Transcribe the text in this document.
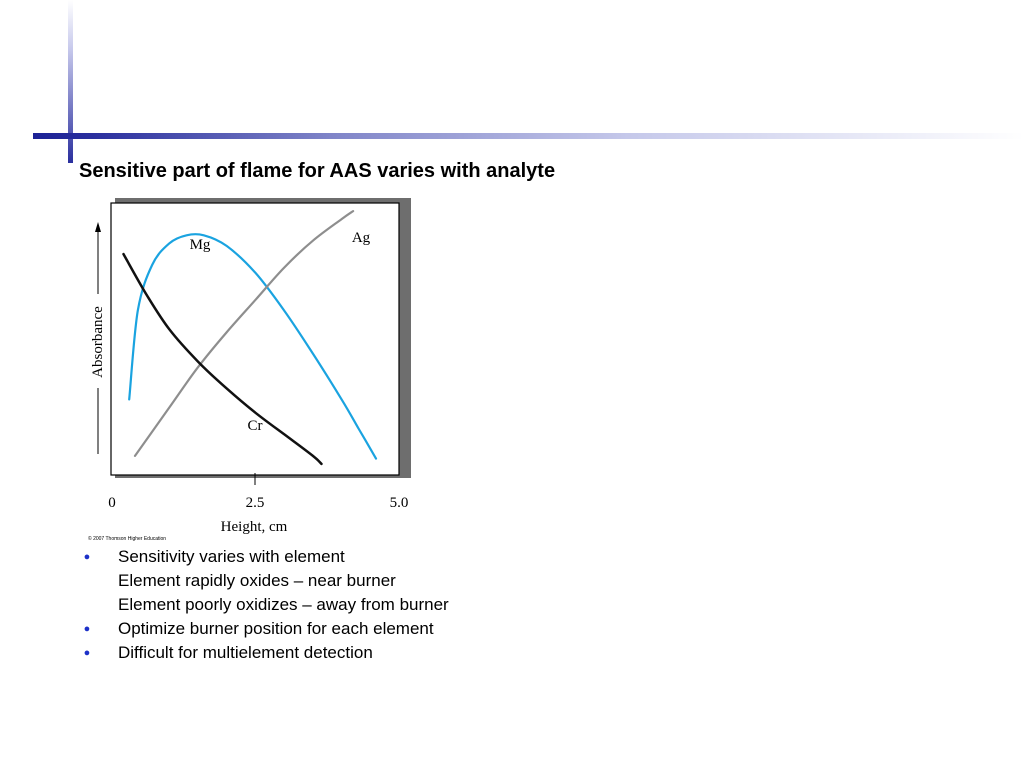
Sensitive part of flame for AAS varies with analyte
Mg	Ag
Cr
Absorbance
0	2.5	5.0
Height, cm
© 2007 Thomson Higher Education
● Sensitivity varies with element
Element rapidly oxides – near burner
Element poorly oxidizes – away from burner
● Optimize burner position for each element
● Difficult for multielement detection
